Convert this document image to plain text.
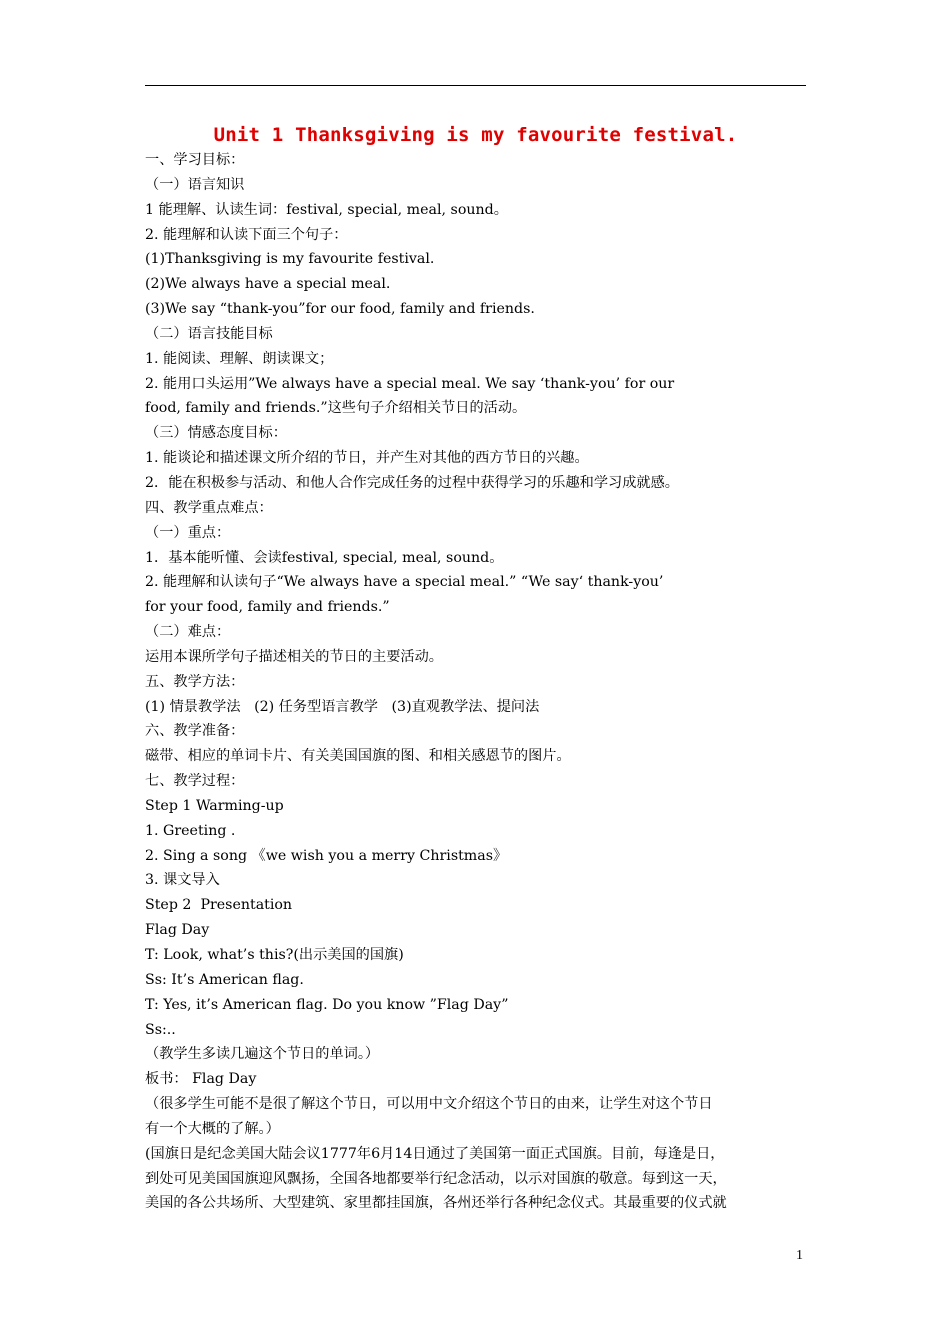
Unit 1 Thanksgiving is my favourite festival.
一、学习目标：
（一）语言知识
1 能理解、认读生词：festival, special, meal, sound。
2. 能理解和认读下面三个句子：
(1)Thanksgiving is my favourite festival.
(2)We always have a special meal.
(3)We say “thank-you”for our food, family and friends.
（二）语言技能目标
1. 能阅读、理解、朗读课文；
2. 能用口头运用”We always have a special meal. We say ‘thank-you’ for our
food, family and friends.”这些句子介绍相关节日的活动。
（三）情感态度目标：
1. 能谈论和描述课文所介绍的节日，并产生对其他的西方节日的兴趣。
2．能在积极参与活动、和他人合作完成任务的过程中获得学习的乐趣和学习成就感。
四、教学重点难点：
（一）重点：
1．基本能听懂、会读festival, special, meal, sound。
2. 能理解和认读句子“We always have a special meal.” “We say‘ thank-you’
for your food, family and friends.”
（二）难点：
运用本课所学句子描述相关的节日的主要活动。
五、教学方法：
(1) 情景教学法   (2) 任务型语言教学   (3)直观教学法、提问法
六、教学准备：
磁带、相应的单词卡片、有关美国国旗的图、和相关感恩节的图片。
七、教学过程：
Step 1 Warming-up
1. Greeting .
2. Sing a song 《we wish you a merry Christmas》
3. 课文导入
Step 2  Presentation
Flag Day
T: Look, what’s this?(出示美国的国旗)
Ss: It’s American flag.
T: Yes, it’s American flag. Do you know ”Flag Day”
Ss:..
（教学生多读几遍这个节日的单词。）
板书： Flag Day
（很多学生可能不是很了解这个节日，可以用中文介绍这个节日的由来，让学生对这个节日
有一个大概的了解。）
(国旗日是纪念美国大陆会议1777年6月14日通过了美国第一面正式国旗。目前，每逢是日，
到处可见美国国旗迎风飘扬，全国各地都要举行纪念活动，以示对国旗的敬意。每到这一天，
美国的各公共场所、大型建筑、家里都挂国旗，各州还举行各种纪念仪式。其最重要的仪式就
1
